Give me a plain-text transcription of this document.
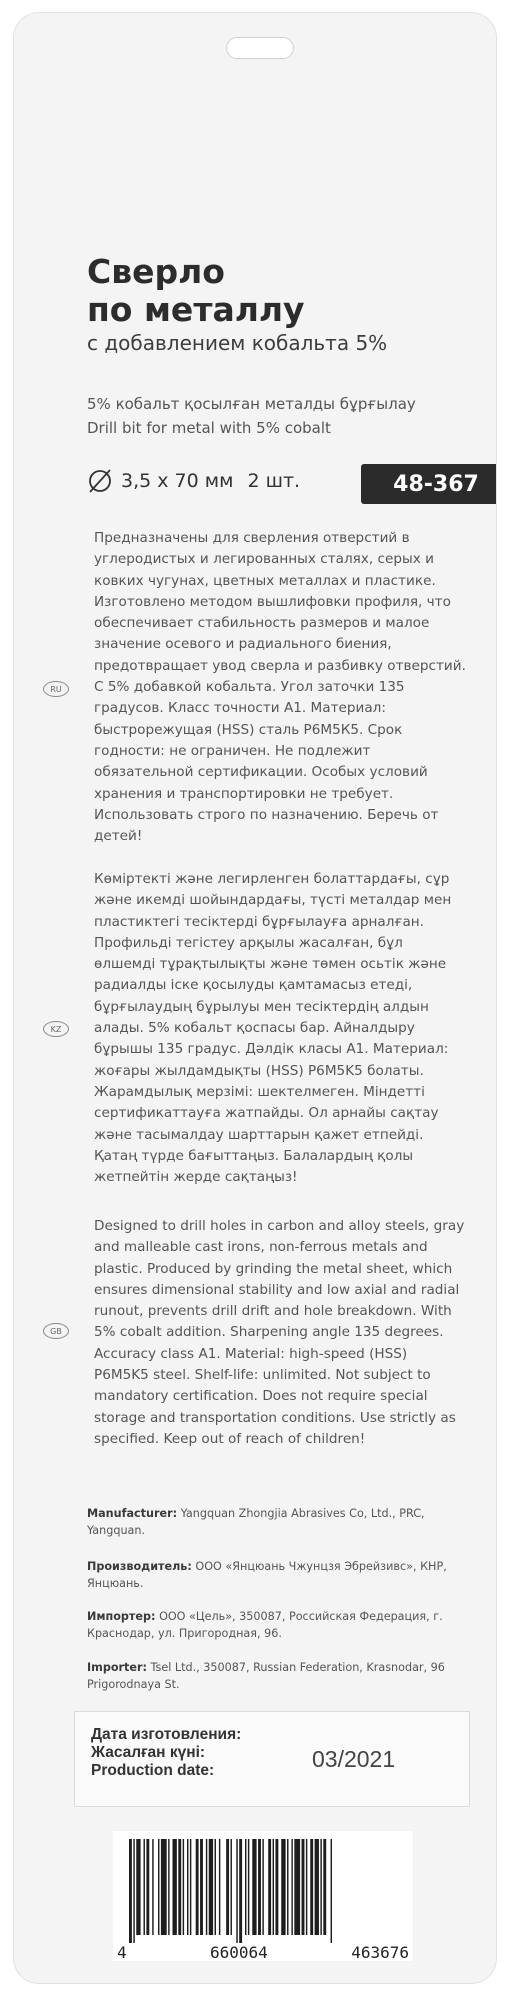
Сверло
по металлу

с добавлением кобальта 5%

5% кобальт қосылған металды бұрғылау
Drill bit for metal with 5% cobalt
3,5 х 70 мм 2 шт.	48-367
RU

Предназначены для сверления отверстий в углеродистых и легированных сталях, серых и ковких чугунах, цветных металлах и пластике. Изготовлено методом вышлифовки профиля, что обеспечивает стабильность размеров и малое значение осевого и радиального биения, предотвращает увод сверла и разбивку отверстий. С 5% добавкой кобальта. Угол заточки 135 градусов. Класс точности А1. Материал: быстрорежущая (HSS) сталь Р6М5К5. Срок годности: не ограничен. Не подлежит обязательной сертификации. Особых условий хранения и транспортировки не требует. Использовать строго по назначению. Беречь от детей!

KZ

Көміртекті және легирленген болаттардағы, сұр және икемді шойындардағы, түсті металдар мен пластиктегі тесіктерді бұрғылауға арналған. Профильді тегістеу арқылы жасалған, бұл өлшемді тұрақтылықты және төмен осьтік және радиалды іске қосылуды қамтамасыз етеді, бұрғылаудың бұрылуы мен тесіктердің алдын алады. 5% кобальт қоспасы бар. Айналдыру бұрышы 135 градус. Дәлдік класы А1. Материал: жоғары жылдамдықты (HSS) P6M5K5 болаты. Жарамдылық мерзімі: шектелмеген. Міндетті сертификаттауға жатпайды. Ол арнайы сақтау және тасымалдау шарттарын қажет етпейді. Қатаң түрде бағыттаңыз. Балалардың қолы жетпейтін жерде сақтаңыз!

GB

Designed to drill holes in carbon and alloy steels, gray and malleable cast irons, non-ferrous metals and plastic. Produced by grinding the metal sheet, which ensures dimensional stability and low axial and radial runout, prevents drill drift and hole breakdown. With 5% cobalt addition. Sharpening angle 135 degrees. Accuracy class A1. Material: high-speed (HSS) P6M5K5 steel. Shelf-life: unlimited. Not subject to mandatory certification. Does not require special storage and transportation conditions. Use strictly as specified. Keep out of reach of children!

Manufacturer: Yangquan Zhongjia Abrasives Co, Ltd., PRC, Yangquan.

Производитель: ООО «Янцюань Чжунцзя Эбрейзивс», КНР, Янцюань.

Импортер: ООО «Цель», 350087, Российская Федерация, г. Краснодар, ул. Пригородная, 96.

Importer: Tsel Ltd., 350087, Russian Federation, Krasnodar, 96 Prigorodnaya St.

Дата изготовления:
Жасалған күні:
Production date:	03/2021
4	660064	463676
